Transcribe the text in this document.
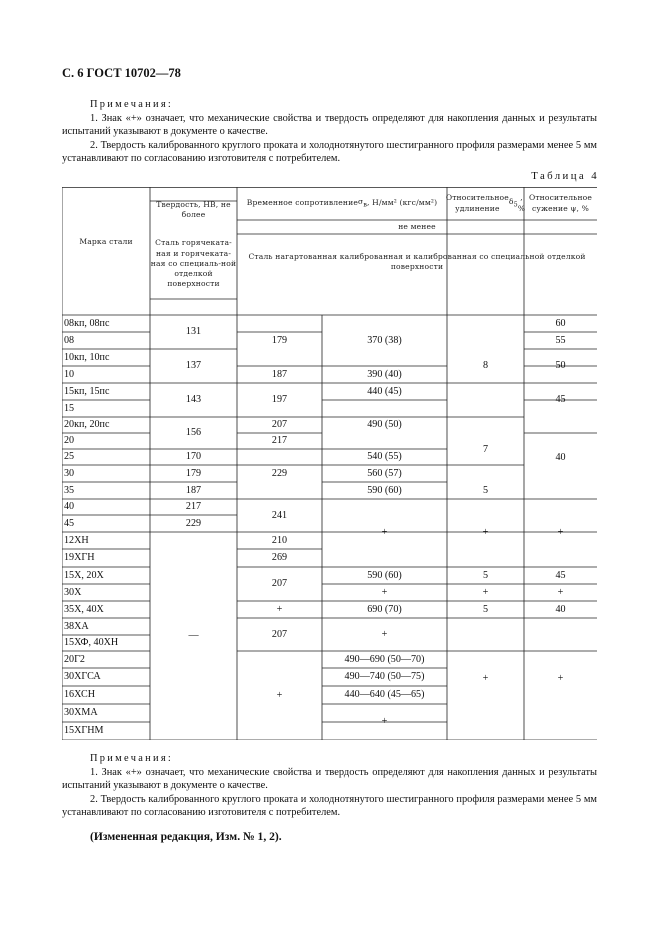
С. 6 ГОСТ 10702—78

Примечания:

1. Знак «+» означает, что механические свойства и твердость определяют для накопления данных и результаты испытаний указывают в документе о качестве.

2. Твердость калиброванного круглого проката и холоднотянутого шестигранного профиля размерами менее 5 мм устанавливают по согласованию изготовителя с потребителем.

Таблица 4
Марка стали
Твердость, НВ, не более
Сталь горячеката-ная и горячеката-ная со специаль-ной отделкой поверхности
Временное сопротивление $\sigma_в$ , Н/мм² (кгс/мм²)
Относительное удлинение
$\delta_5$
, %
Относительное сужение ψ, %
не менее
Сталь нагартованная калиброванная и калиброванная со специальной отделкой поверхности
08кп, 08пс
08
10кп, 10пс
10
15кп, 15пс
15
20кп, 20пс
20
25
30
35
40
45
12ХН
19ХГН
15Х, 20Х
30Х
35Х, 40Х
38ХА
15ХФ, 40ХН
20Г2
30ХГСА
16ХСН
30ХМА
15ХГНМ
131
137
143
156
170
179
187
217
229
—
179
187
197
207
217
229
241
210
269
207
+
207
+
370 (38)
390 (40)
440 (45)
490 (50)
540 (55)
560 (57)
590 (60)
+
590 (60)
+
690 (70)
+
490—690 (50—70)
490—740 (50—75)
440—640 (45—65)
+
8
7
5
+
5
+
5
+
60
55
50
45
40
+
45
+
40
+

Примечания:

1. Знак «+» означает, что механические свойства и твердость определяют для накопления данных и результаты испытаний указывают в документе о качестве.

2. Твердость калиброванного круглого проката и холоднотянутого шестигранного профиля размерами менее 5 мм устанавливают по согласованию изготовителя с потребителем.

(Измененная редакция, Изм. № 1, 2).
